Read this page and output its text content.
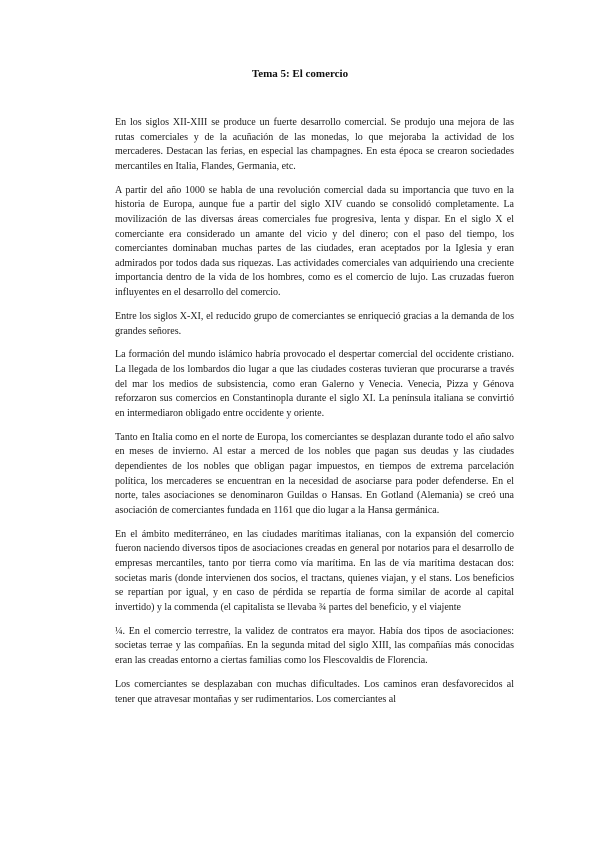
Tema 5: El comercio

En los siglos XII-XIII se produce un fuerte desarrollo comercial. Se produjo una mejora de las rutas comerciales y de la acuñación de las monedas, lo que mejoraba la actividad de los mercaderes. Destacan las ferias, en especial las champagnes. En esta época se crearon sociedades mercantiles en Italia, Flandes, Germania, etc.

A partir del año 1000 se habla de una revolución comercial dada su importancia que tuvo en la historia de Europa, aunque fue a partir del siglo XIV cuando se consolidó completamente. La movilización de las diversas áreas comerciales fue progresiva, lenta y dispar. En el siglo X el comerciante era considerado un amante del vicio y del dinero; con el paso del tiempo, los comerciantes dominaban muchas partes de las ciudades, eran aceptados por la Iglesia y eran admirados por todos dada sus riquezas. Las actividades comerciales van adquiriendo una creciente importancia dentro de la vida de los hombres, como es el comercio de lujo. Las cruzadas fueron influyentes en el desarrollo del comercio.

Entre los siglos X-XI, el reducido grupo de comerciantes se enriqueció gracias a la demanda de los grandes señores.

La formación del mundo islámico habría provocado el despertar comercial del occidente cristiano. La llegada de los lombardos dio lugar a que las ciudades costeras tuvieran que procurarse a través del mar los medios de subsistencia, como eran Galerno y Venecia. Venecia, Pizza y Génova reforzaron sus comercios en Constantinopla durante el siglo XI. La península italiana se convirtió en intermediaron obligado entre occidente y oriente.

Tanto en Italia como en el norte de Europa, los comerciantes se desplazan durante todo el año salvo en meses de invierno. Al estar a merced de los nobles que pagan sus deudas y las ciudades dependientes de los nobles que obligan pagar impuestos, en tiempos de extrema parcelación política, los mercaderes se encuentran en la necesidad de asociarse para poder defenderse. En el norte, tales asociaciones se denominaron Guildas o Hansas. En Gotland (Alemania) se creó una asociación de comerciantes fundada en 1161 que dio lugar a la Hansa germánica.

En el ámbito mediterráneo, en las ciudades marítimas italianas, con la expansión del comercio fueron naciendo diversos tipos de asociaciones creadas en general por notarios para el desarrollo de empresas mercantiles, tanto por tierra como vía marítima. En las de vía marítima destacan dos: societas maris (donde intervienen dos socios, el tractans, quienes viajan, y el stans. Los beneficios se repartían por igual, y en caso de pérdida se repartía de forma similar de acorde al capital invertido) y la commenda (el capitalista se llevaba ¾ partes del beneficio, y el viajente

¼. En el comercio terrestre, la validez de contratos era mayor. Había dos tipos de asociaciones: societas terrae y las compañías. En la segunda mitad del siglo XIII, las compañías más conocidas eran las creadas entorno a ciertas familias como los Flescovaldis de Florencia.

Los comerciantes se desplazaban con muchas dificultades. Los caminos eran desfavorecidos al tener que atravesar montañas y ser rudimentarios. Los comerciantes al
